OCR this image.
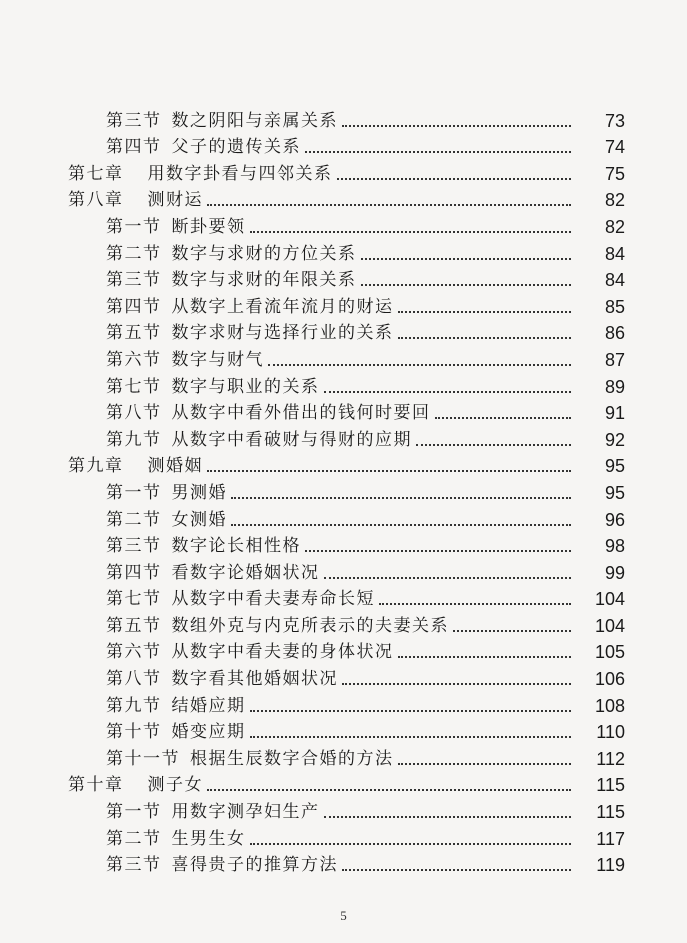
第三节 数之阴阳与亲属关系	73
第四节 父子的遗传关系	74
第七章 用数字卦看与四邻关系	75
第八章 测财运	82
第一节 断卦要领	82
第二节 数字与求财的方位关系	84
第三节 数字与求财的年限关系	84
第四节 从数字上看流年流月的财运	85
第五节 数字求财与选择行业的关系	86
第六节 数字与财气	87
第七节 数字与职业的关系	89
第八节 从数字中看外借出的钱何时要回	91
第九节 从数字中看破财与得财的应期	92
第九章 测婚姻	95
第一节 男测婚	95
第二节 女测婚	96
第三节 数字论长相性格	98
第四节 看数字论婚姻状况	99
第七节 从数字中看夫妻寿命长短	104
第五节 数组外克与内克所表示的夫妻关系	104
第六节 从数字中看夫妻的身体状况	105
第八节 数字看其他婚姻状况	106
第九节 结婚应期	108
第十节 婚变应期	110
第十一节 根据生辰数字合婚的方法	112
第十章 测子女	115
第一节 用数字测孕妇生产	115
第二节 生男生女	117
第三节 喜得贵子的推算方法	119
5
